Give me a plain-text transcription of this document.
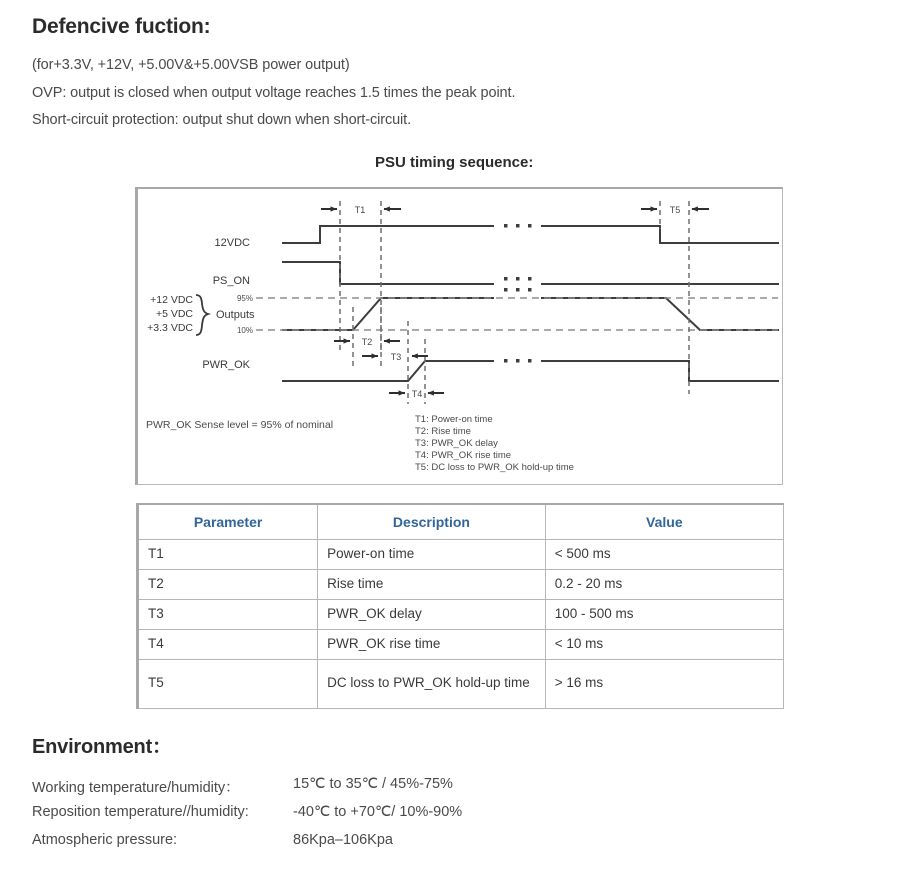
Defencive fuction:
(for+3.3V, +12V, +5.00V&+5.00VSB power output)
OVP: output is closed when output voltage reaches 1.5 times the peak point.
Short-circuit protection: output shut down when short-circuit.
PSU timing sequence:
T1	T5
T2
T3
T4
12VDC
PS_ON
PWR_OK
+12 VDC
+5 VDC
+3.3 VDC
Outputs
95%
10%
PWR_OK Sense level = 95% of nominal	T1: Power-on time
T2: Rise time
T3: PWR_OK delay
T4: PWR_OK rise time
T5: DC loss to PWR_OK hold-up time
Parameter	Description	Value
T1	Power-on time	< 500 ms
T2	Rise time	0.2 - 20 ms
T3	PWR_OK delay	100 - 500 ms
T4	PWR_OK rise time	< 10 ms
T5	DC loss to PWR_OK hold-up time	> 16 ms
Environment：
Working temperature/humidity：	15℃ to 35℃ / 45%-75%
Reposition temperature//humidity:	-40℃ to +70℃/ 10%-90%
Atmospheric pressure:	86Kpa–106Kpa
